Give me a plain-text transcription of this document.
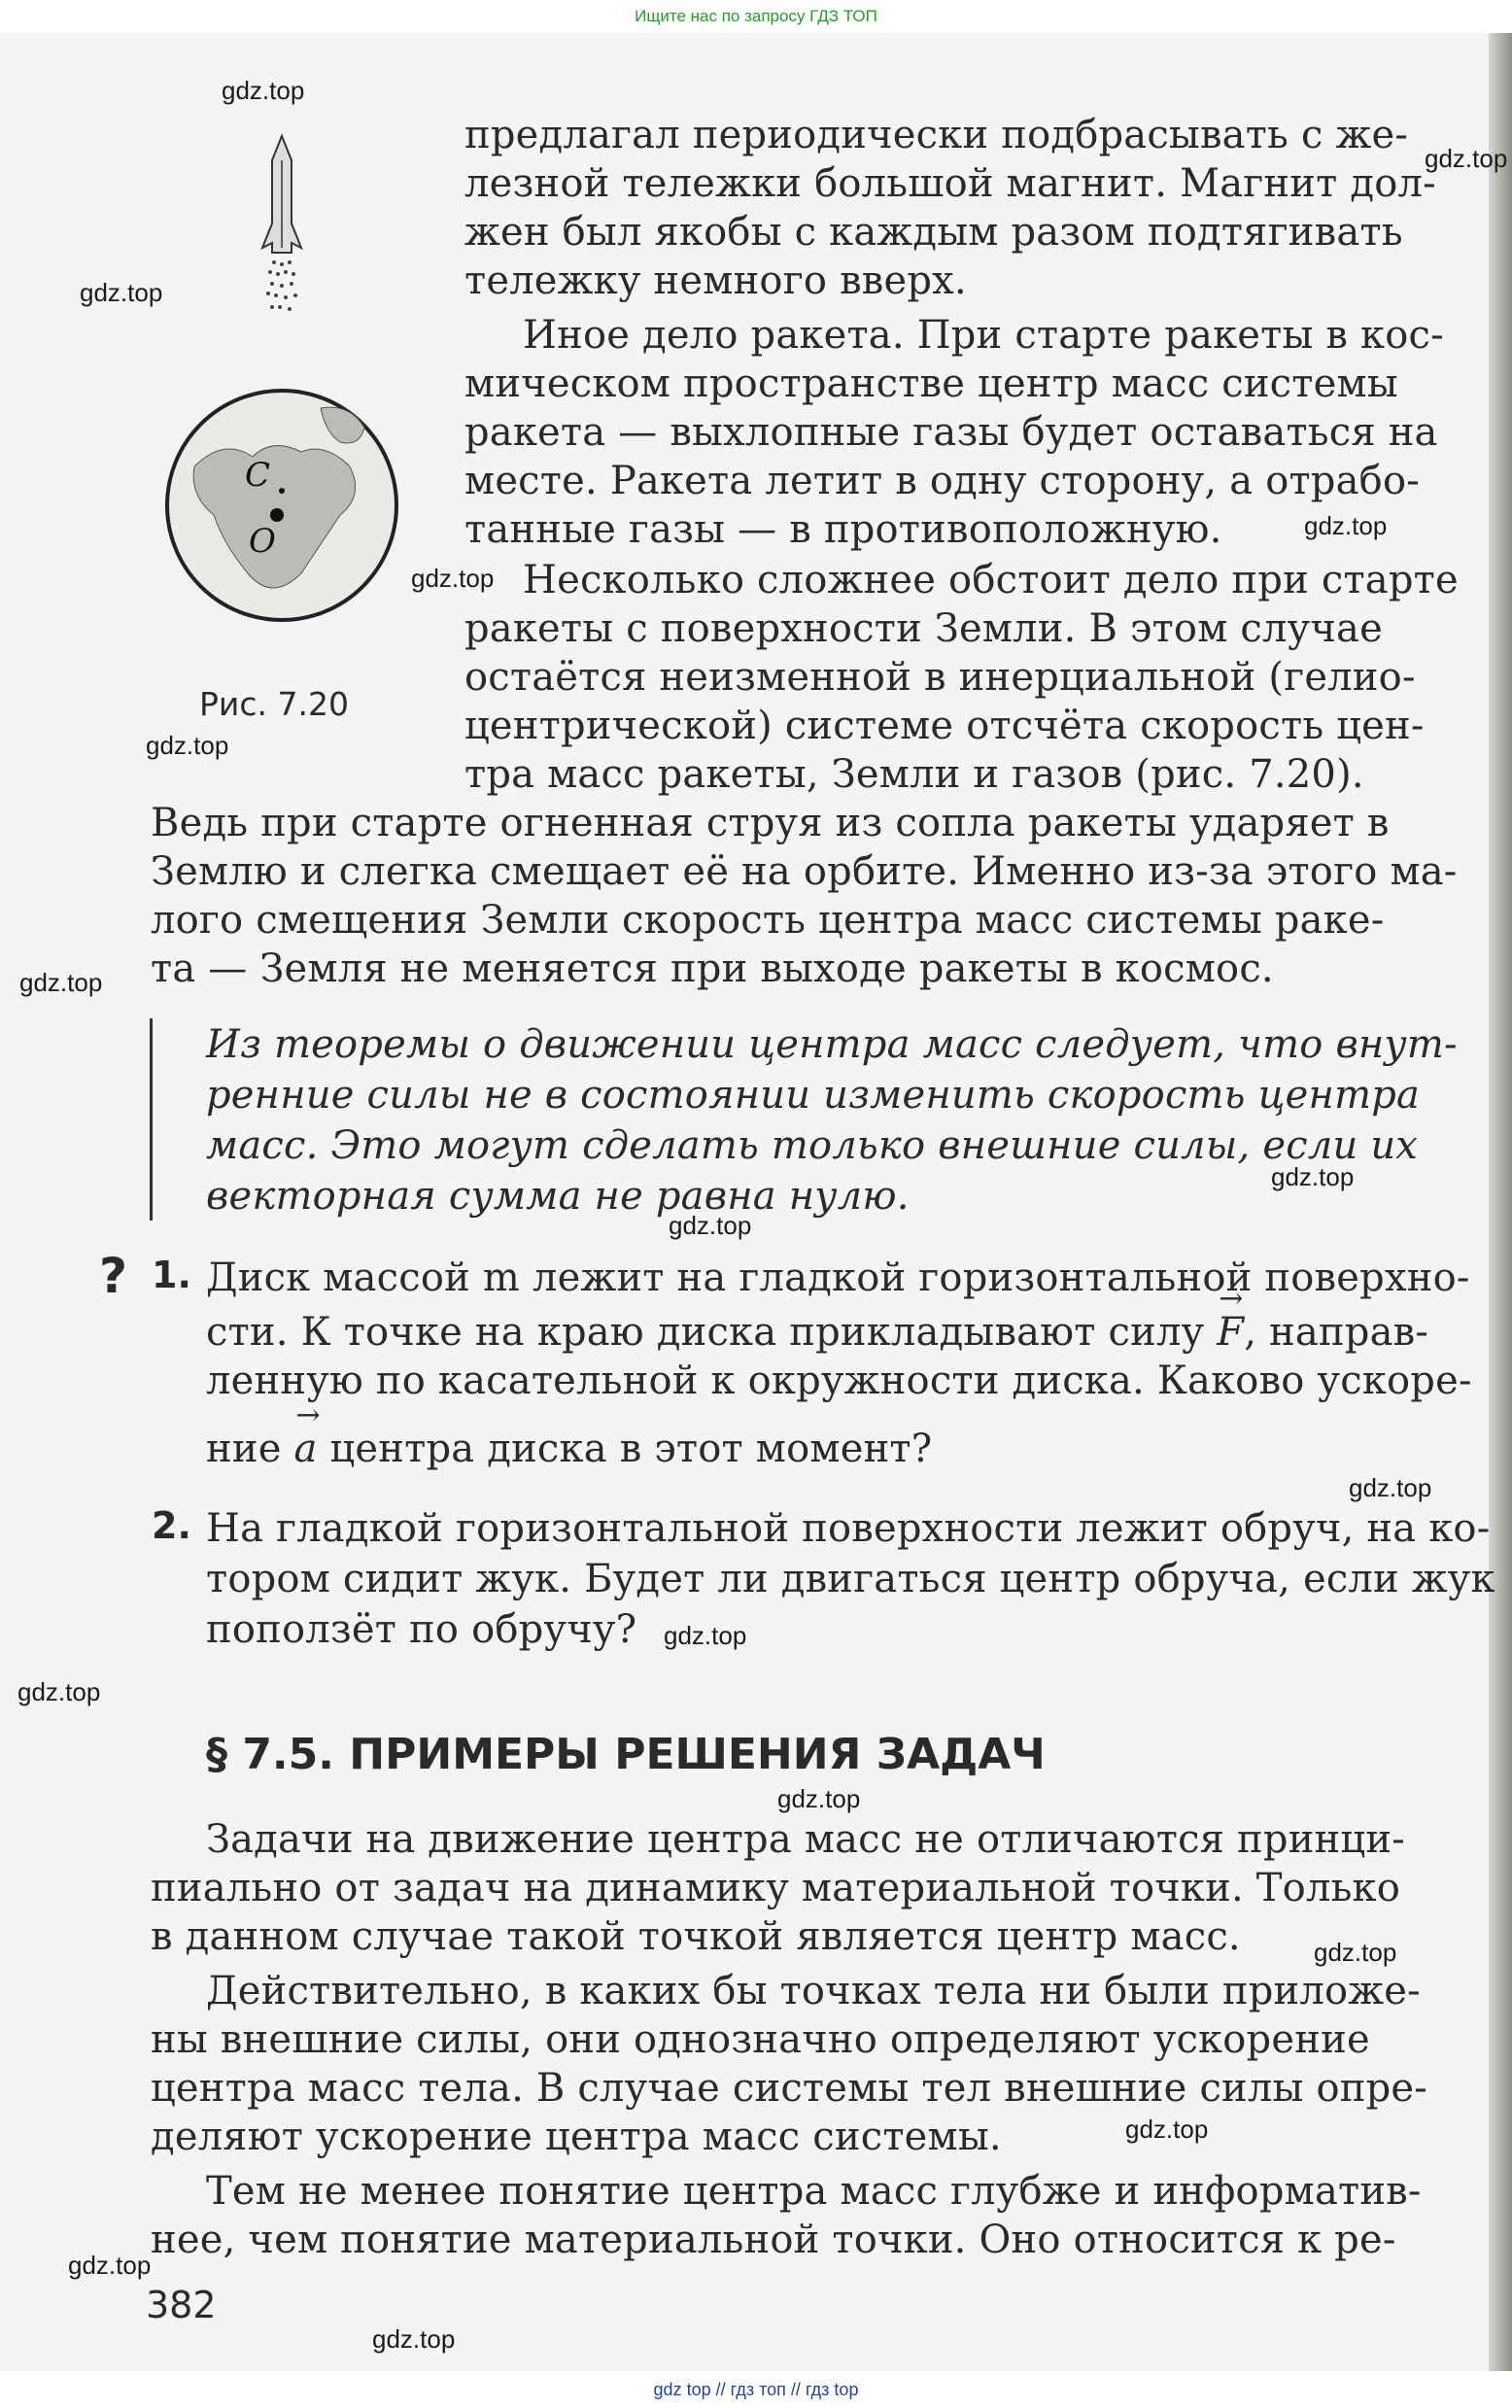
Ищите нас по запросу ГДЗ ТОП
C
O
Рис. 7.20
предлагал периодически подбрасывать с же-
лезной тележки большой магнит. Магнит дол-
жен был якобы с каждым разом подтягивать
тележку немного вверх.
Иное дело ракета. При старте ракеты в кос-
мическом пространстве центр масс системы
ракета — выхлопные газы будет оставаться на
месте. Ракета летит в одну сторону, а отрабо-
танные газы — в противоположную.
Несколько сложнее обстоит дело при старте
ракеты с поверхности Земли. В этом случае
остаётся неизменной в инерциальной (гелио-
центрической) системе отсчёта скорость цен-
тра масс ракеты, Земли и газов (рис. 7.20).
Ведь при старте огненная струя из сопла ракеты ударяет в
Землю и слегка смещает её на орбите. Именно из-за этого ма-
лого смещения Земли скорость центра масс системы раке-
та — Земля не меняется при выходе ракеты в космос.
Из теоремы о движении центра масс следует, что внут-
ренние силы не в состоянии изменить скорость центра
масс. Это могут сделать только внешние силы, если их
векторная сумма не равна нулю.
? 1. Диск массой m лежит на гладкой горизонтальной поверхно-
сти. К точке на краю диска прикладывают силу → F, направ-
ленную по касательной к окружности диска. Каково ускоре-
ние → a центра диска в этот момент?
2. На гладкой горизонтальной поверхности лежит обруч, на ко-
тором сидит жук. Будет ли двигаться центр обруча, если жук
поползёт по обручу?
§ 7.5. ПРИМЕРЫ РЕШЕНИЯ ЗАДАЧ
Задачи на движение центра масс не отличаются принци-
пиально от задач на динамику материальной точки. Только
в данном случае такой точкой является центр масс.
Действительно, в каких бы точках тела ни были приложе-
ны внешние силы, они однозначно определяют ускорение
центра масс тела. В случае системы тел внешние силы опре-
деляют ускорение центра масс системы.
Тем не менее понятие центра масс глубже и информатив-
нее, чем понятие материальной точки. Оно относится к ре-
382
gdz.top
gdz.top
gdz.top
gdz.top
gdz.top
gdz.top
gdz.top
gdz.top
gdz.top
gdz.top
gdz.top
gdz.top
gdz.top
gdz.top
gdz.top
gdz.top
gdz.top
gdz top // гдз топ // гдз top
